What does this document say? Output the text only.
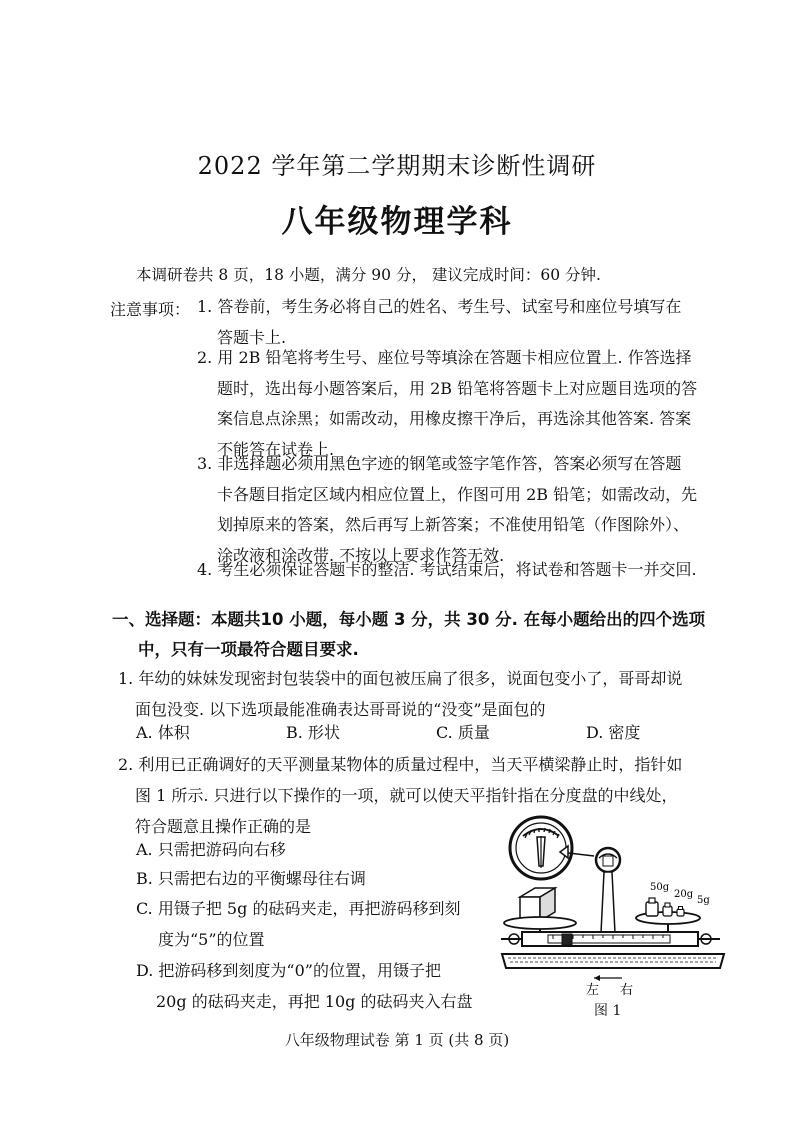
2022 学年第二学期期末诊断性调研
八年级物理学科
本调研卷共 8 页，18 小题，满分 90 分， 建议完成时间：60 分钟.
注意事项： 1. 答卷前，考生务必将自己的姓名、考生号、试室号和座位号填写在
答题卡上.
2. 用 2B 铅笔将考生号、座位号等填涂在答题卡相应位置上. 作答选择
题时，选出每小题答案后，用 2B 铅笔将答题卡上对应题目选项的答
案信息点涂黑；如需改动，用橡皮擦干净后，再选涂其他答案. 答案
不能答在试卷上.
3. 非选择题必须用黑色字迹的钢笔或签字笔作答，答案必须写在答题
卡各题目指定区域内相应位置上，作图可用 2B 铅笔；如需改动，先
划掉原来的答案，然后再写上新答案；不准使用铅笔（作图除外）、
涂改液和涂改带. 不按以上要求作答无效.
4. 考生必须保证答题卡的整洁. 考试结束后，将试卷和答题卡一并交回.
一、选择题：本题共10 小题，每小题 3 分，共 30 分. 在每小题给出的四个选项
中，只有一项最符合题目要求.
1. 年幼的妹妹发现密封包装袋中的面包被压扁了很多，说面包变小了，哥哥却说
面包没变. 以下选项最能准确表达哥哥说的“没变”是面包的
A. 体积	B. 形状	C. 质量	D. 密度
2. 利用已正确调好的天平测量某物体的质量过程中，当天平横梁静止时，指针如
图 1 所示. 只进行以下操作的一项，就可以使天平指针指在分度盘的中线处，
符合题意且操作正确的是
A. 只需把游码向右移
B. 只需把右边的平衡螺母往右调
C. 用镊子把 5g 的砝码夹走，再把游码移到刻
度为“5”的位置
D. 把游码移到刻度为“0”的位置，用镊子把
20g 的砝码夹走，再把 10g 的砝码夹入右盘
50g
20g
5g
左 右
图 1
八年级物理试卷 第 1 页 (共 8 页)
